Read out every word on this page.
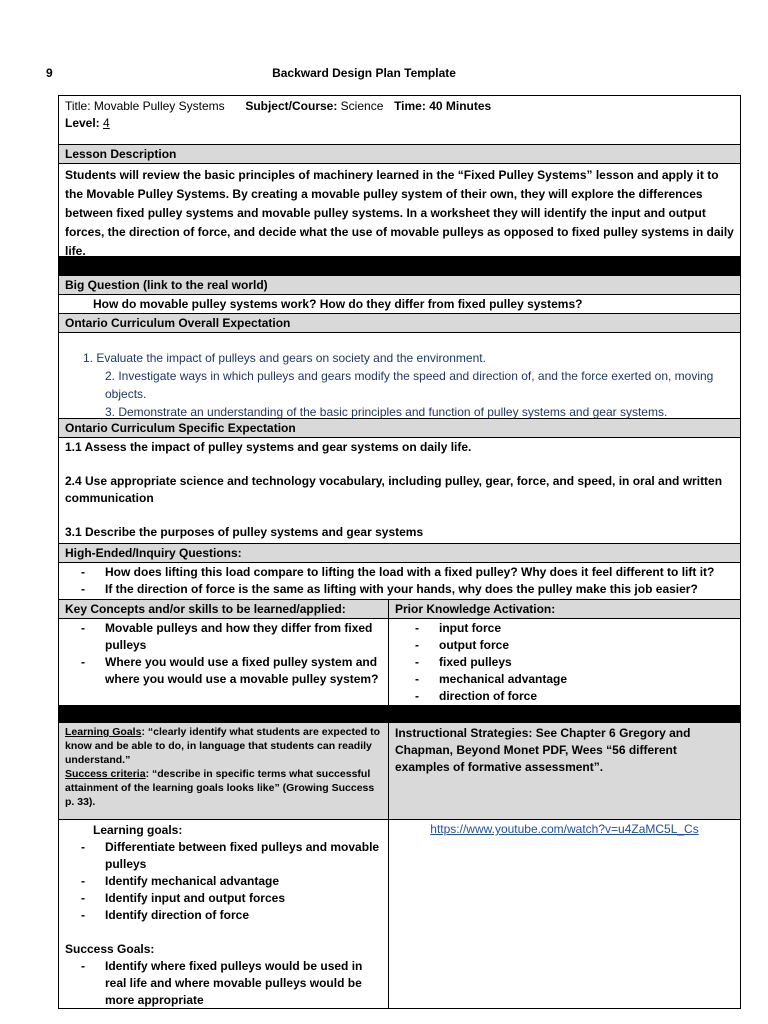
9	Backward Design Plan Template
Title: Movable Pulley Systems Subject/Course: Science Time: 40 Minutes
Level: 4
Lesson Description
Students will review the basic principles of machinery learned in the “Fixed Pulley Systems” lesson and apply it to the Movable Pulley Systems. By creating a movable pulley system of their own, they will explore the differences between fixed pulley systems and movable pulley systems. In a worksheet they will identify the input and output forces, the direction of force, and decide what the use of movable pulleys as opposed to fixed pulley systems in daily life.
Big Question (link to the real world)
How do movable pulley systems work? How do they differ from fixed pulley systems?
Ontario Curriculum Overall Expectation
1. Evaluate the impact of pulleys and gears on society and the environment.
2. Investigate ways in which pulleys and gears modify the speed and direction of, and the force exerted on, moving objects.
3. Demonstrate an understanding of the basic principles and function of pulley systems and gear systems.
Ontario Curriculum Specific Expectation
1.1 Assess the impact of pulley systems and gear systems on daily life.
2.4 Use appropriate science and technology vocabulary, including pulley, gear, force, and speed, in oral and written communication
3.1 Describe the purposes of pulley systems and gear systems
High-Ended/Inquiry Questions:
- How does lifting this load compare to lifting the load with a fixed pulley? Why does it feel different to lift it?
- If the direction of force is the same as lifting with your hands, why does the pulley make this job easier?
Key Concepts and/or skills to be learned/applied:	Prior Knowledge Activation:
- Movable pulleys and how they differ from fixed pulleys
- Where you would use a fixed pulley system and where you would use a movable pulley system?
- input force
- output force
- fixed pulleys
- mechanical advantage
- direction of force
Learning Goals: “clearly identify what students are expected to know and be able to do, in language that students can readily understand.”
Success criteria: “describe in specific terms what successful attainment of the learning goals looks like” (Growing Success p. 33).
Instructional Strategies: See Chapter 6 Gregory and Chapman, Beyond Monet PDF, Wees “56 different examples of formative assessment”.
Learning goals:
- Differentiate between fixed pulleys and movable pulleys
- Identify mechanical advantage
- Identify input and output forces
- Identify direction of force
Success Goals:
- Identify where fixed pulleys would be used in real life and where movable pulleys would be more appropriate
https://www.youtube.com/watch?v=u4ZaMC5L_Cs
